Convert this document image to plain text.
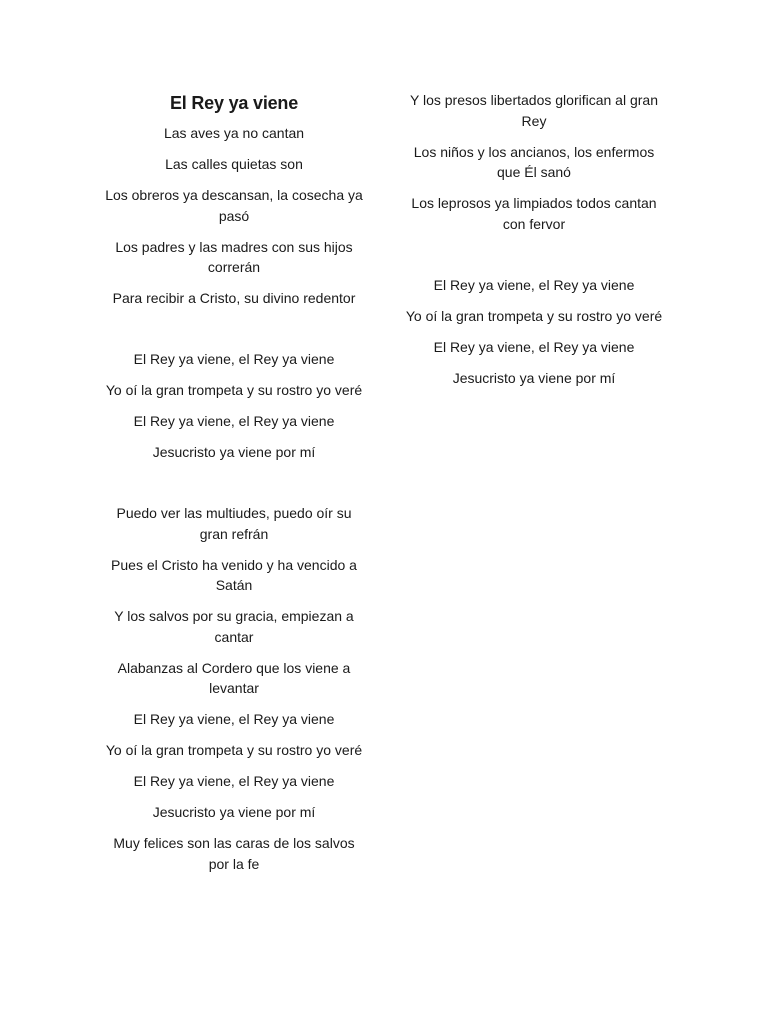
El Rey ya viene
Las aves ya no cantan
Las calles quietas son
Los obreros ya descansan, la cosecha ya pasó
Los padres y las madres con sus hijos correrán
Para recibir a Cristo, su divino redentor
El Rey ya viene, el Rey ya viene
Yo oí la gran trompeta y su rostro yo veré
El Rey ya viene, el Rey ya viene
Jesucristo ya viene por mí
Puedo ver las multiudes, puedo oír su gran refrán
Pues el Cristo ha venido y ha vencido a Satán
Y los salvos por su gracia, empiezan a cantar
Alabanzas al Cordero que los viene a levantar
El Rey ya viene, el Rey ya viene
Yo oí la gran trompeta y su rostro yo veré
El Rey ya viene, el Rey ya viene
Jesucristo ya viene por mí
Muy felices son las caras de los salvos por la fe
Y los presos libertados glorifican al gran Rey
Los niños y los ancianos, los enfermos que Él sanó
Los leprosos ya limpiados todos cantan con fervor
El Rey ya viene, el Rey ya viene
Yo oí la gran trompeta y su rostro yo veré
El Rey ya viene, el Rey ya viene
Jesucristo ya viene por mí
